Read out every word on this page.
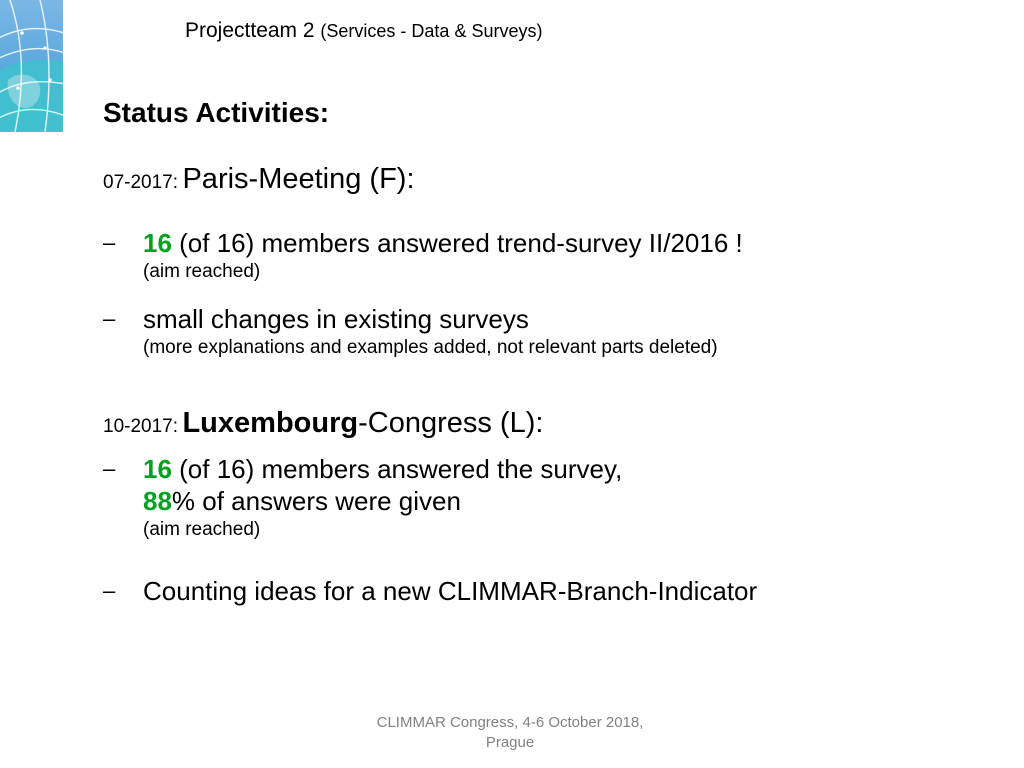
Projectteam 2 (Services - Data & Surveys)
Status Activities:
07-2017: Paris-Meeting (F):
–	16 (of 16) members answered trend-survey II/2016 !
(aim reached)
–	small changes in existing surveys
(more explanations and examples added, not relevant parts deleted)
10-2017: Luxembourg-Congress (L):
–	16 (of 16) members answered the survey,
88% of answers were given
(aim reached)
–	Counting ideas for a new CLIMMAR-Branch-Indicator
CLIMMAR Congress, 4-6 October 2018,
Prague
